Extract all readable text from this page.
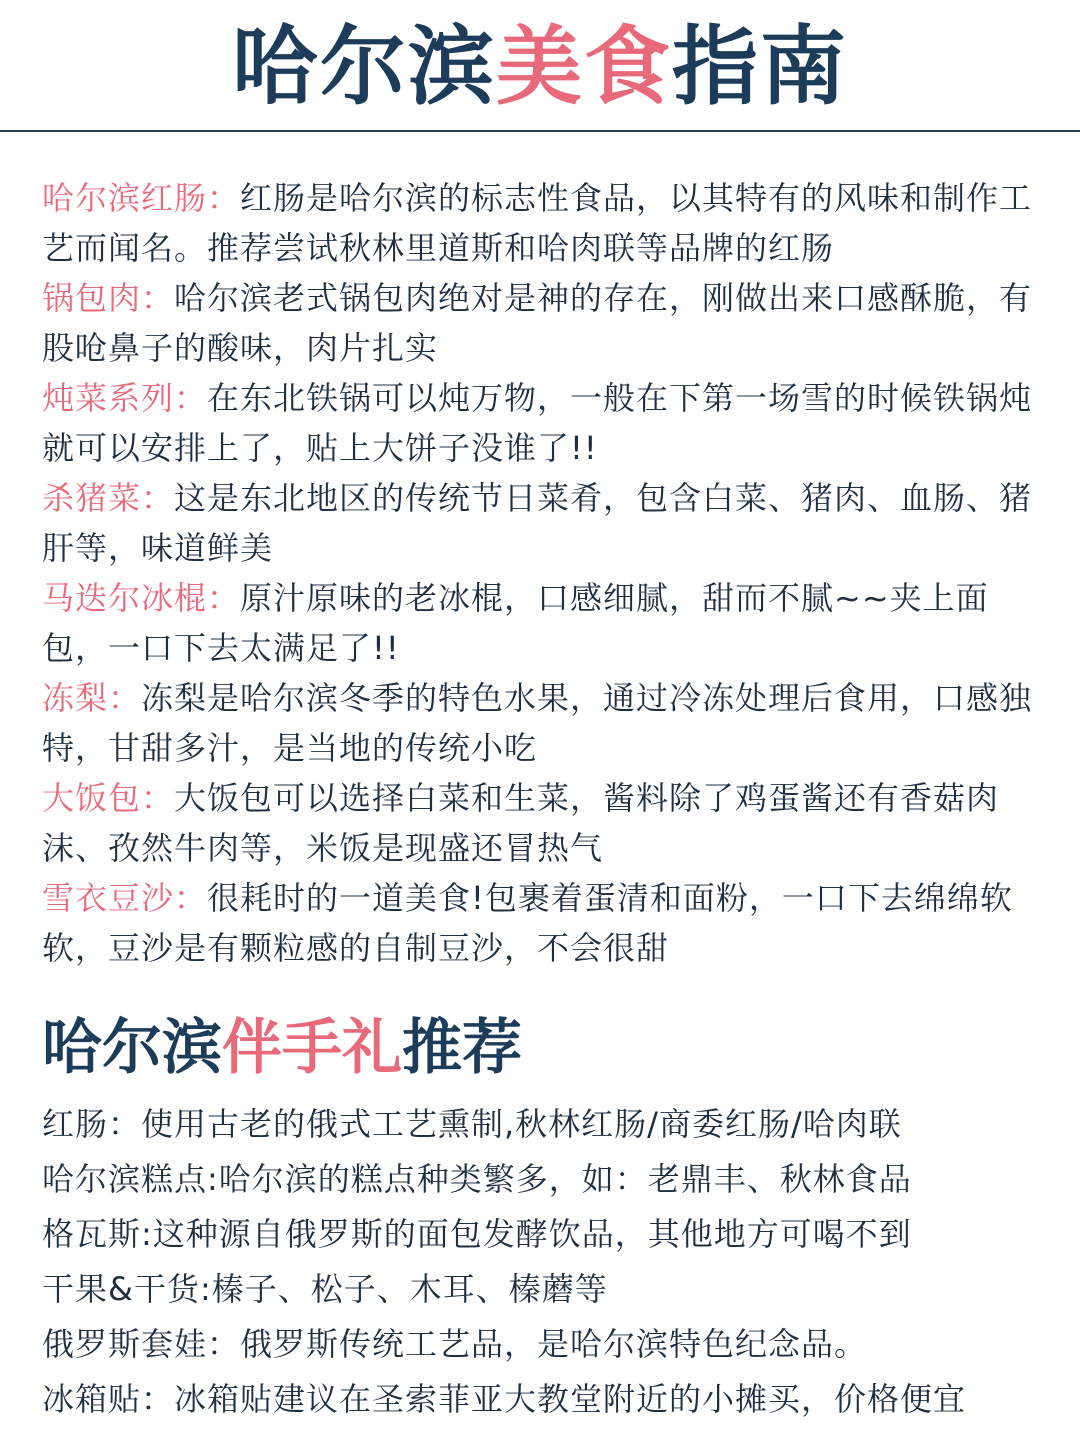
哈尔滨美食指南

哈尔滨红肠：红肠是哈尔滨的标志性食品，以其特有的风味和制作工艺而闻名。推荐尝试秋林里道斯和哈肉联等品牌的红肠

锅包肉：哈尔滨老式锅包肉绝对是神的存在，刚做出来口感酥脆，有股呛鼻子的酸味，肉片扎实

炖菜系列：在东北铁锅可以炖万物，一般在下第一场雪的时候铁锅炖就可以安排上了，贴上大饼子没谁了!!

杀猪菜：这是东北地区的传统节日菜肴，包含白菜、猪肉、血肠、猪肝等，味道鲜美

马迭尔冰棍：原汁原味的老冰棍，口感细腻，甜而不腻~~夹上面包，一口下去太满足了!!

冻梨：冻梨是哈尔滨冬季的特色水果，通过冷冻处理后食用，口感独特，甘甜多汁，是当地的传统小吃

大饭包：大饭包可以选择白菜和生菜，酱料除了鸡蛋酱还有香菇肉沫、孜然牛肉等，米饭是现盛还冒热气

雪衣豆沙：很耗时的一道美食!包裹着蛋清和面粉，一口下去绵绵软软，豆沙是有颗粒感的自制豆沙，不会很甜

哈尔滨伴手礼推荐

红肠：使用古老的俄式工艺熏制,秋林红肠/商委红肠/哈肉联

哈尔滨糕点:哈尔滨的糕点种类繁多，如：老鼎丰、秋林食品

格瓦斯:这种源自俄罗斯的面包发酵饮品，其他地方可喝不到

干果&干货:榛子、松子、木耳、榛蘑等

俄罗斯套娃：俄罗斯传统工艺品，是哈尔滨特色纪念品。

冰箱贴：冰箱贴建议在圣索菲亚大教堂附近的小摊买，价格便宜
